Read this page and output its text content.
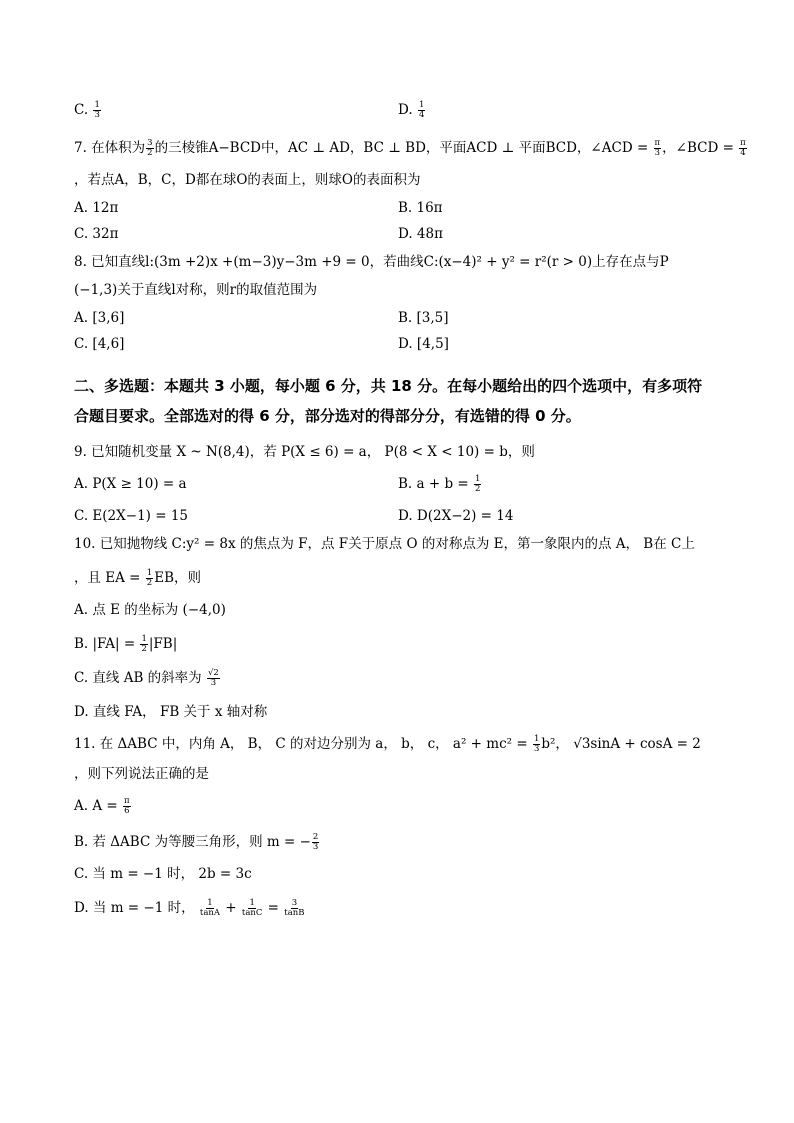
C. $\frac{1}{3}$	D. $\frac{1}{4}$
7. 在体积为 $\frac{3}{2}$ 的三棱锥A−BCD中，AC ⊥ AD，BC ⊥ BD，平面ACD ⊥ 平面BCD，∠ACD = $\frac{\pi}{3}$ ，∠BCD = $\frac{\pi}{4}$
，若点A，B，C，D都在球O的表面上，则球O的表面积为
A. 12π	B. 16π
C. 32π	D. 48π
8. 已知直线l:(3m +2)x +(m−3)y−3m +9 = 0，若曲线C:(x−4)² + y² = r²(r > 0)上存在点与P
(−1,3)关于直线l对称，则r的取值范围为
A. [3,6]	B. [3,5]
C. [4,6]	D. [4,5]
二、多选题：本题共 3 小题，每小题 6 分，共 18 分。在每小题给出的四个选项中，有多项符
合题目要求。全部选对的得 6 分，部分选对的得部分分，有选错的得 0 分。
9. 已知随机变量 X ~ N(8,4)，若 P(X ≤ 6) = a， P(8 < X < 10) = b，则
A. P(X ≥ 10) = a	B. $a + b = \frac{1}{2}$
C. E(2X−1) = 15	D. D(2X−2) = 14
10. 已知抛物线 C:y² = 8x 的焦点为 F，点 F关于原点 O 的对称点为 E，第一象限内的点 A， B在 C上
，且 EA = $\frac{1}{2}$ EB，则
A. 点 E 的坐标为 (−4,0)
B. $|FA| = \frac{1}{2} |FB|$
C. 直线 AB 的斜率为 $\frac{√2}{3}$
D. 直线 FA， FB 关于 x 轴对称
11. 在 ΔABC 中，内角 A， B， C 的对边分别为 a， b， c， $a^2 + mc^2 = \frac{1}{3} b^2$， √3sinA + cosA = 2
，则下列说法正确的是
A. $A = \frac{\pi}{6}$
B. 若 ΔABC 为等腰三角形，则 m = − $\frac{2}{3}$
C. 当 m = −1 时， 2b = 3c
D. 当 m = −1 时， $\frac{1}{\tan A} + \frac{1}{\tan C} = \frac{3}{\tan B}$
